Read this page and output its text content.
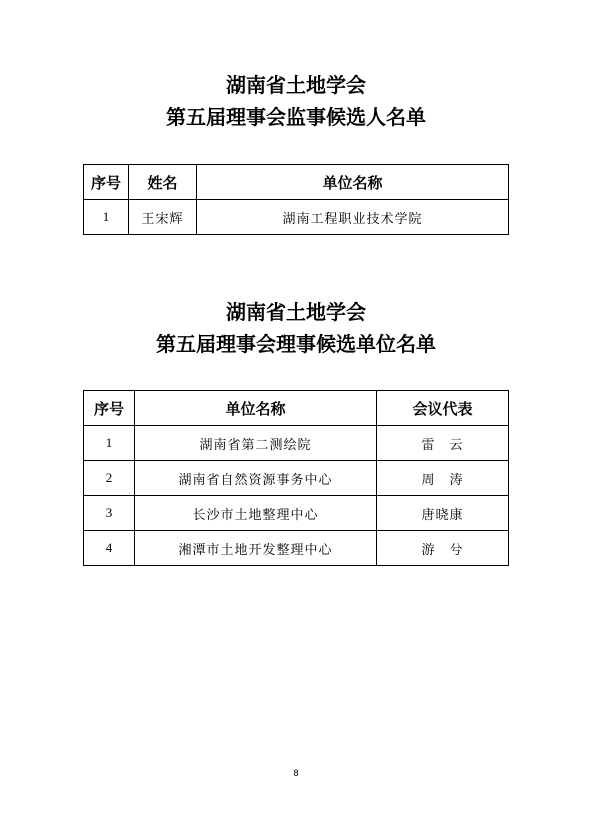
湖南省土地学会
第五届理事会监事候选人名单
序号	姓名	单位名称
1	王宋辉	湖南工程职业技术学院
湖南省土地学会
第五届理事会理事候选单位名单
序号	单位名称	会议代表
1	湖南省第二测绘院	雷　云
2	湖南省自然资源事务中心	周　涛
3	长沙市土地整理中心	唐晓康
4	湘潭市土地开发整理中心	游　兮
8
